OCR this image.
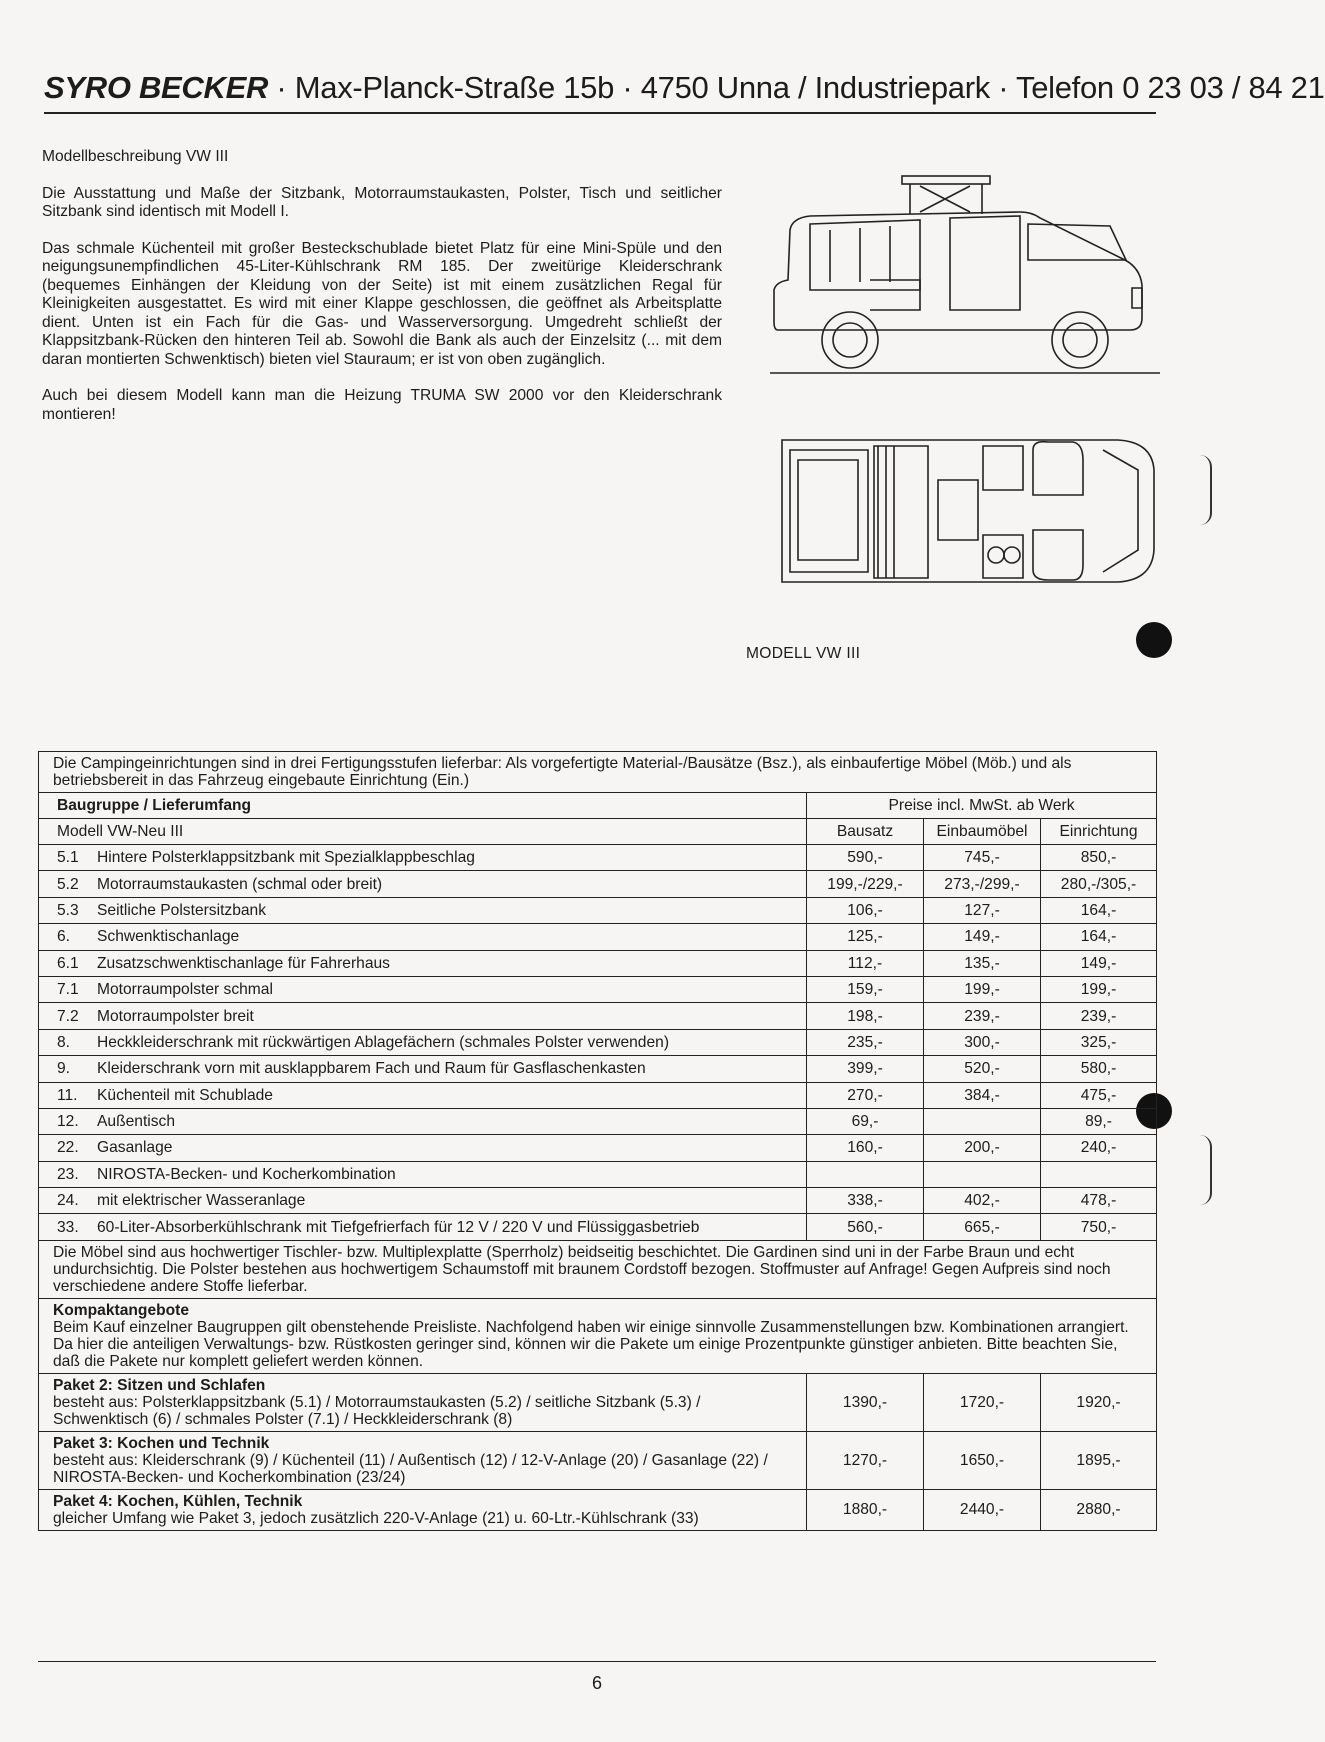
SYRO BECKER · Max-Planck-Straße 15b · 4750 Unna / Industriepark · Telefon 0 23 03 / 84 21

Modellbeschreibung VW III

Die Ausstattung und Maße der Sitzbank, Motorraumstaukasten, Polster, Tisch und seitlicher Sitzbank sind identisch mit Modell I.

Das schmale Küchenteil mit großer Besteckschublade bietet Platz für eine Mini-Spüle und den neigungsunempfindlichen 45-Liter-Kühlschrank RM 185. Der zweitürige Kleiderschrank (bequemes Einhängen der Kleidung von der Seite) ist mit einem zusätzlichen Regal für Kleinigkeiten ausgestattet. Es wird mit einer Klappe geschlossen, die geöffnet als Arbeitsplatte dient. Unten ist ein Fach für die Gas- und Wasserversorgung. Umgedreht schließt der Klappsitzbank-Rücken den hinteren Teil ab. Sowohl die Bank als auch der Einzelsitz (... mit dem daran montierten Schwenktisch) bieten viel Stauraum; er ist von oben zugänglich.

Auch bei diesem Modell kann man die Heizung TRUMA SW 2000 vor den Kleiderschrank montieren!

MODELL VW III
Die Campingeinrichtungen sind in drei Fertigungsstufen lieferbar: Als vorgefertigte Material-/Bausätze (Bsz.), als einbaufertige Möbel (Möb.) und als betriebsbereit in das Fahrzeug eingebaute Einrichtung (Ein.)			
Baugruppe / Lieferumfang	Preise incl. MwSt. ab Werk		
Modell VW-Neu III	Bausatz	Einbaumöbel	Einrichtung
5.1 Hintere Polsterklappsitzbank mit Spezialklappbeschlag	590,-	745,-	850,-
5.2 Motorraumstaukasten (schmal oder breit)	199,-/229,-	273,-/299,-	280,-/305,-
5.3 Seitliche Polstersitzbank	106,-	127,-	164,-
6. Schwenktischanlage	125,-	149,-	164,-
6.1 Zusatzschwenktischanlage für Fahrerhaus	112,-	135,-	149,-
7.1 Motorraumpolster schmal	159,-	199,-	199,-
7.2 Motorraumpolster breit	198,-	239,-	239,-
8. Heckkleiderschrank mit rückwärtigen Ablagefächern (schmales Polster verwenden)	235,-	300,-	325,-
9. Kleiderschrank vorn mit ausklappbarem Fach und Raum für Gasflaschenkasten	399,-	520,-	580,-
11. Küchenteil mit Schublade	270,-	384,-	475,-
12. Außentisch	69,-		89,-
22. Gasanlage	160,-	200,-	240,-
23. NIROSTA-Becken- und Kocherkombination			
24. mit elektrischer Wasseranlage	338,-	402,-	478,-
33. 60-Liter-Absorberkühlschrank mit Tiefgefrierfach für 12 V / 220 V und Flüssiggasbetrieb	560,-	665,-	750,-
Die Möbel sind aus hochwertiger Tischler- bzw. Multiplexplatte (Sperrholz) beidseitig beschichtet. Die Gardinen sind uni in der Farbe Braun und echt undurchsichtig. Die Polster bestehen aus hochwertigem Schaumstoff mit braunem Cordstoff bezogen. Stoffmuster auf Anfrage! Gegen Aufpreis sind noch verschiedene andere Stoffe lieferbar.			

Kompaktangebote
Beim Kauf einzelner Baugruppen gilt obenstehende Preisliste. Nachfolgend haben wir einige sinnvolle Zusammenstellungen bzw. Kombinationen arrangiert. Da hier die anteiligen Verwaltungs- bzw. Rüstkosten geringer sind, können wir die Pakete um einige Prozentpunkte günstiger anbieten. Bitte beachten Sie, daß die Pakete nur komplett geliefert werden können.			

Paket 2: Sitzen und Schlafen
besteht aus: Polsterklappsitzbank (5.1) / Motorraumstaukasten (5.2) / seitliche Sitzbank (5.3) / Schwenktisch (6) / schmales Polster (7.1) / Heckkleiderschrank (8)	1390,-	1720,-	1920,-

Paket 3: Kochen und Technik
besteht aus: Kleiderschrank (9) / Küchenteil (11) / Außentisch (12) / 12-V-Anlage (20) / Gasanlage (22) / NIROSTA-Becken- und Kocherkombination (23/24)	1270,-	1650,-	1895,-

Paket 4: Kochen, Kühlen, Technik
gleicher Umfang wie Paket 3, jedoch zusätzlich 220-V-Anlage (21) u. 60-Ltr.-Kühlschrank (33)	1880,-	2440,-	2880,-
6
